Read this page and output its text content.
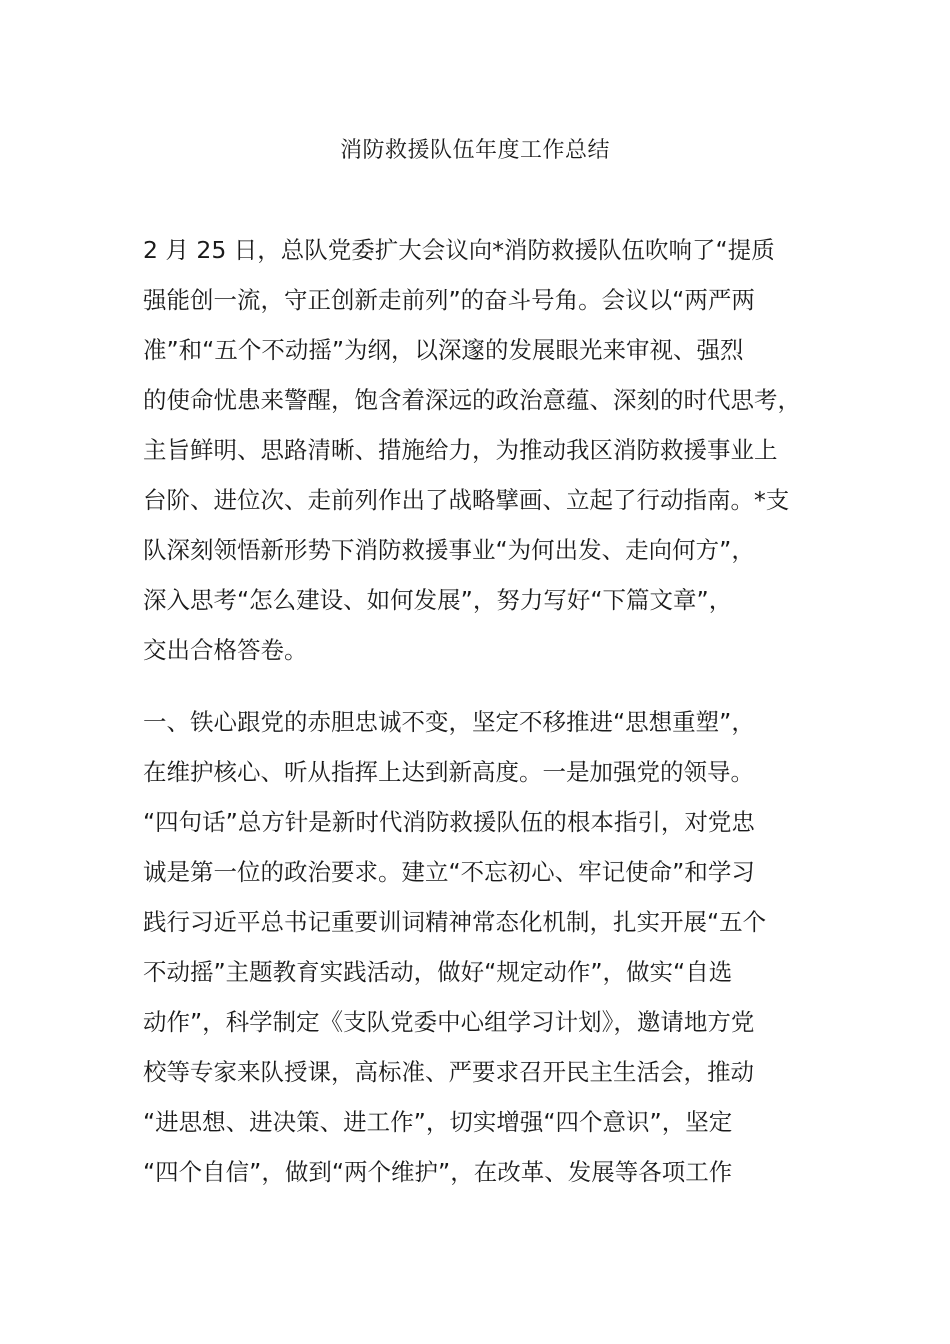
消防救援队伍年度工作总结
2 月 25 日，总队党委扩大会议向*消防救援队伍吹响了“提质
强能创一流，守正创新走前列”的奋斗号角。会议以“两严两
准”和“五个不动摇”为纲，以深邃的发展眼光来审视、强烈
的使命忧患来警醒，饱含着深远的政治意蕴、深刻的时代思考，
主旨鲜明、思路清晰、措施给力，为推动我区消防救援事业上
台阶、进位次、走前列作出了战略擘画、立起了行动指南。*支
队深刻领悟新形势下消防救援事业“为何出发、走向何方”，
深入思考“怎么建设、如何发展”，努力写好“下篇文章”，
交出合格答卷。
一、铁心跟党的赤胆忠诚不变，坚定不移推进“思想重塑”，
在维护核心、听从指挥上达到新高度。一是加强党的领导。
“四句话”总方针是新时代消防救援队伍的根本指引，对党忠
诚是第一位的政治要求。建立“不忘初心、牢记使命”和学习
践行习近平总书记重要训词精神常态化机制，扎实开展“五个
不动摇”主题教育实践活动，做好“规定动作”，做实“自选
动作”，科学制定《支队党委中心组学习计划》，邀请地方党
校等专家来队授课，高标准、严要求召开民主生活会，推动
“进思想、进决策、进工作”，切实增强“四个意识”，坚定
“四个自信”，做到“两个维护”，在改革、发展等各项工作
